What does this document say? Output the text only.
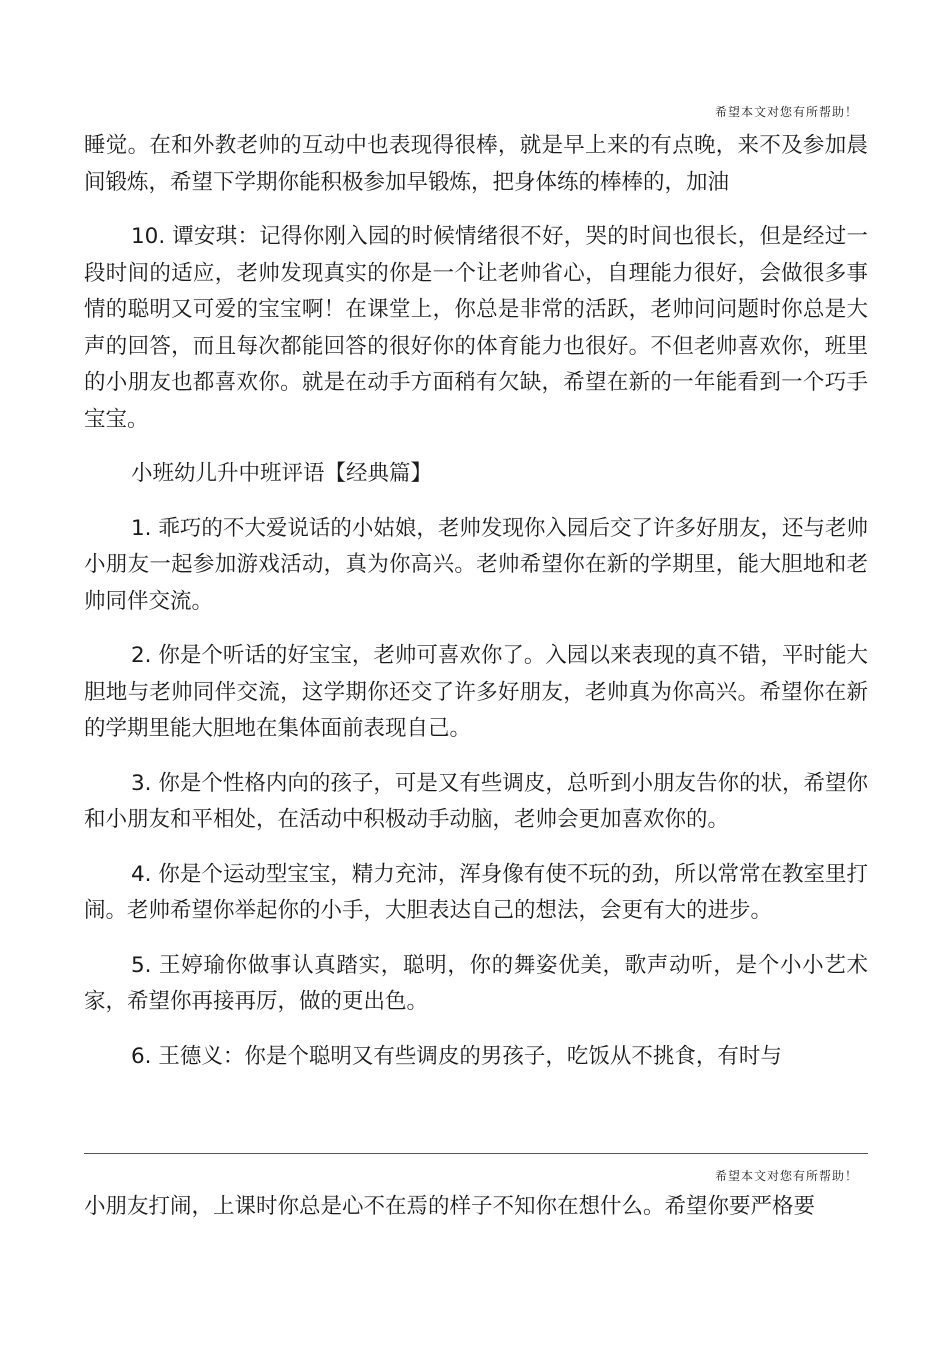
希望本文对您有所帮助！

睡觉。在和外教老帅的互动中也表现得很棒，就是早上来的有点晚，来不及参加晨间锻炼，希望下学期你能积极参加早锻炼，把身体练的棒棒的，加油

10. 谭安琪：记得你刚入园的时候情绪很不好，哭的时间也很长，但是经过一段时间的适应，老帅发现真实的你是一个让老帅省心，自理能力很好，会做很多事情的聪明又可爱的宝宝啊！在课堂上，你总是非常的活跃，老帅问问题时你总是大声的回答，而且每次都能回答的很好你的体育能力也很好。不但老帅喜欢你，班里的小朋友也都喜欢你。就是在动手方面稍有欠缺，希望在新的一年能看到一个巧手宝宝。

小班幼儿升中班评语【经典篇】

1. 乖巧的不大爱说话的小姑娘，老帅发现你入园后交了许多好朋友，还与老帅小朋友一起参加游戏活动，真为你高兴。老帅希望你在新的学期里，能大胆地和老帅同伴交流。

2. 你是个听话的好宝宝，老帅可喜欢你了。入园以来表现的真不错，平时能大胆地与老帅同伴交流，这学期你还交了许多好朋友，老帅真为你高兴。希望你在新的学期里能大胆地在集体面前表现自己。

3. 你是个性格内向的孩子，可是又有些调皮，总听到小朋友告你的状，希望你和小朋友和平相处，在活动中积极动手动脑，老帅会更加喜欢你的。

4. 你是个运动型宝宝，精力充沛，浑身像有使不玩的劲，所以常常在教室里打闹。老帅希望你举起你的小手，大胆表达自己的想法，会更有大的进步。

5. 王婷瑜你做事认真踏实，聪明，你的舞姿优美，歌声动听，是个小小艺术家，希望你再接再厉，做的更出色。

6. 王德义：你是个聪明又有些调皮的男孩子，吃饭从不挑食，有时与

希望本文对您有所帮助！

小朋友打闹，上课时你总是心不在焉的样子不知你在想什么。希望你要严格要
